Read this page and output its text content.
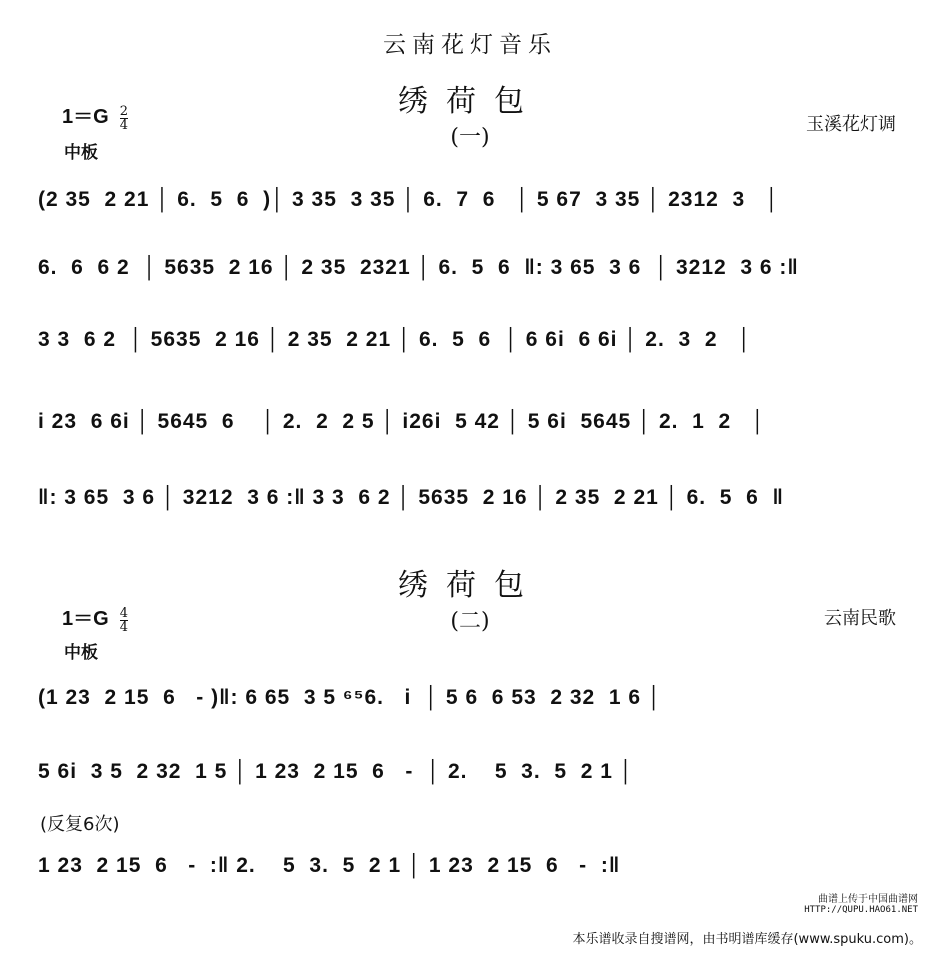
云南花灯音乐
绣荷包
(一)
$1=G \frac{2}{4}$
中板
玉溪花灯调
(2 35  2 21 │ 6.  5  6  )│ 3 35  3 35 │ 6.  7  6   │ 5 67  3 35 │ 2312  3   │
6.  6  6 2  │ 5635  2 16 │ 2 35  2321 │ 6.  5  6  ‖: 3 65  3 6  │ 3212  3 6 :‖
3 3  6 2  │ 5635  2 16 │ 2 35  2 21 │ 6.  5  6  │ 6 6i  6 6i │ 2.  3  2   │
i 23  6 6i │ 5645  6    │ 2.  2  2 5 │ i26i  5 42 │ 5 6i  5645 │ 2.  1  2   │
‖: 3 65  3 6 │ 3212  3 6 :‖ 3 3  6 2 │ 5635  2 16 │ 2 35  2 21 │ 6.  5  6  ‖
绣荷包
(二)
$1=G \frac{4}{4}$
中板
云南民歌
(1 23  2 15  6   - )‖: 6 65  3 5 ⁶⁵6.   i  │ 5 6  6 53  2 32  1 6 │
5 6i  3 5  2 32  1 5 │ 1 23  2 15  6   -  │ 2.    5  3.  5  2 1 │
(反复6次)
1 23  2 15  6   -  :‖ 2.    5  3.  5  2 1 │ 1 23  2 15  6   -  :‖
曲谱上传于中国曲谱网
HTTP://QUPU.HAO61.NET
本乐谱收录自搜谱网，由书明谱库缓存(www.spuku.com)。
